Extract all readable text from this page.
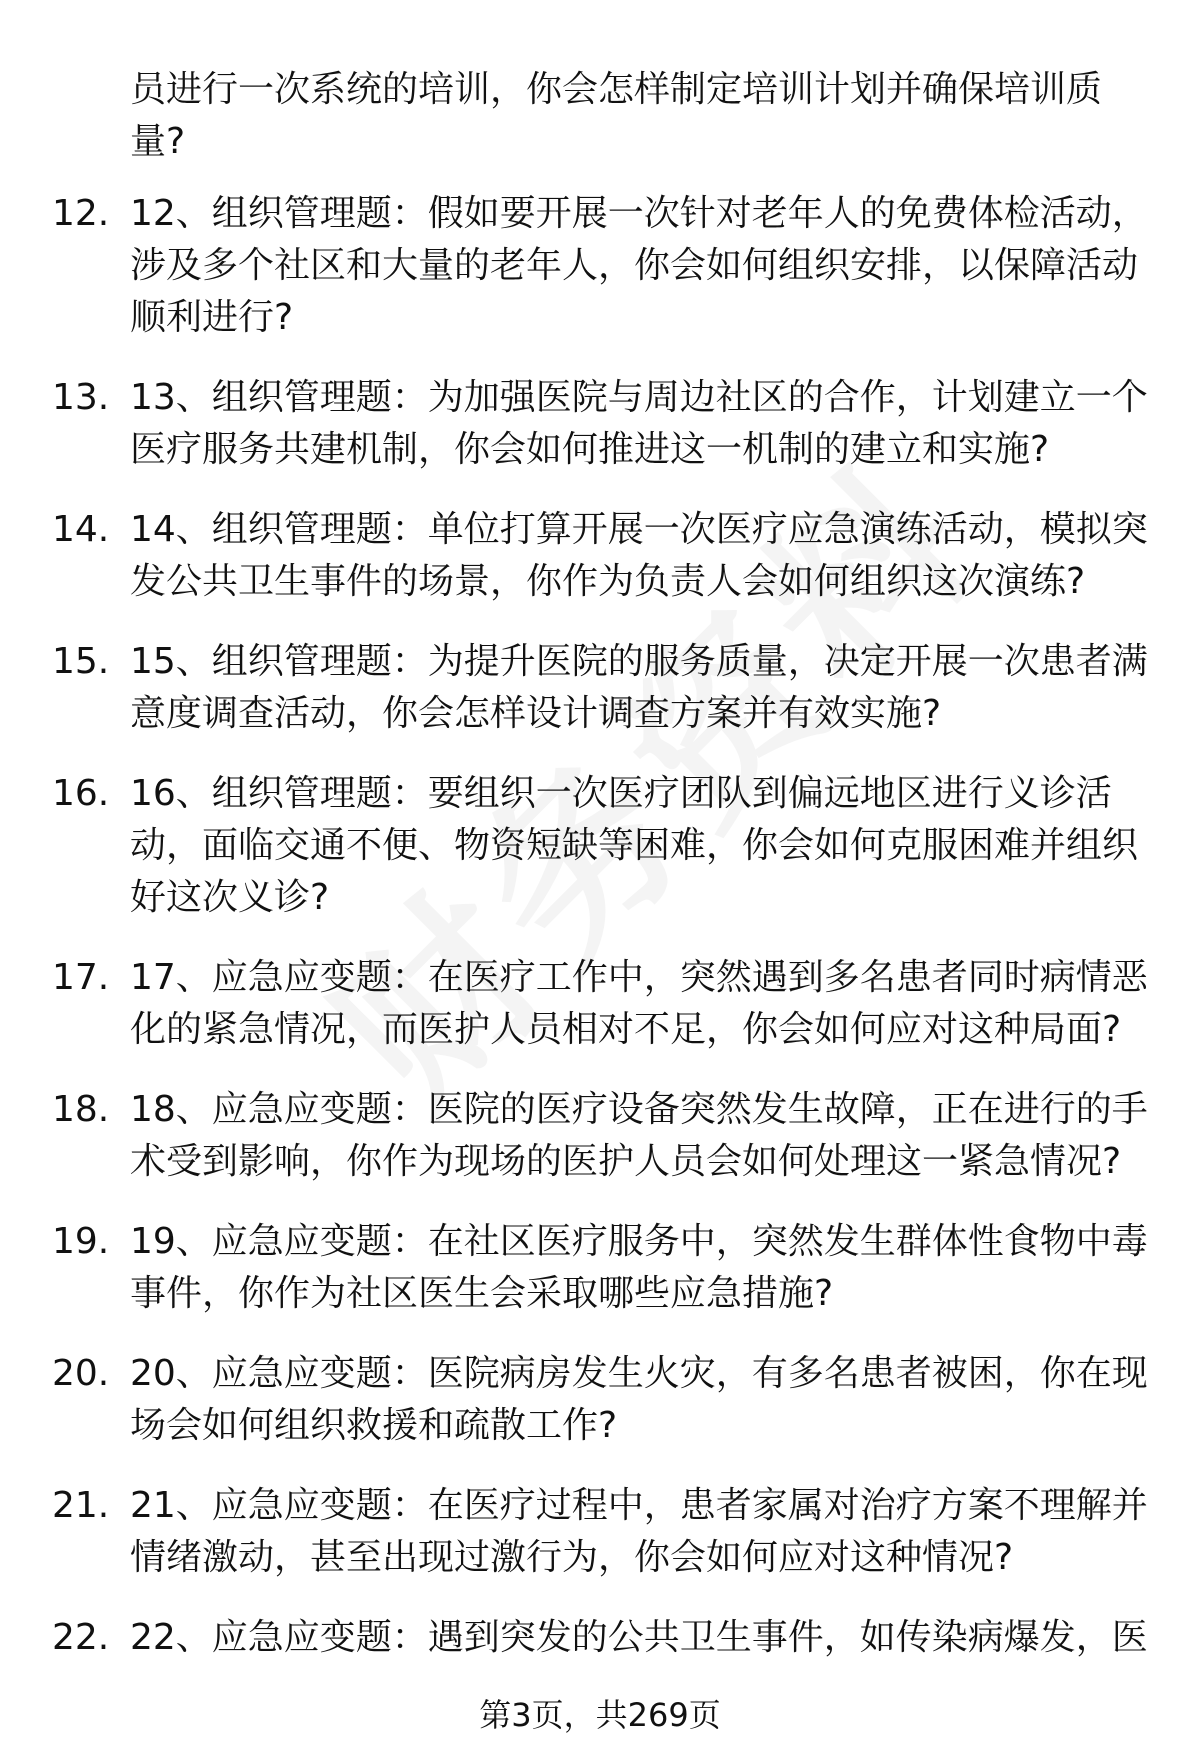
员进行一次系统的培训，你会怎样制定培训计划并确保培训质量?
12. 12、组织管理题：假如要开展一次针对老年人的免费体检活动，涉及多个社区和大量的老年人，你会如何组织安排，以保障活动顺利进行?
13. 13、组织管理题：为加强医院与周边社区的合作，计划建立一个医疗服务共建机制，你会如何推进这一机制的建立和实施?
14. 14、组织管理题：单位打算开展一次医疗应急演练活动，模拟突发公共卫生事件的场景，你作为负责人会如何组织这次演练?
15. 15、组织管理题：为提升医院的服务质量，决定开展一次患者满意度调查活动，你会怎样设计调查方案并有效实施?
16. 16、组织管理题：要组织一次医疗团队到偏远地区进行义诊活动，面临交通不便、物资短缺等困难，你会如何克服困难并组织好这次义诊?
17. 17、应急应变题：在医疗工作中，突然遇到多名患者同时病情恶化的紧急情况，而医护人员相对不足，你会如何应对这种局面?
18. 18、应急应变题：医院的医疗设备突然发生故障，正在进行的手术受到影响，你作为现场的医护人员会如何处理这一紧急情况?
19. 19、应急应变题：在社区医疗服务中，突然发生群体性食物中毒事件，你作为社区医生会采取哪些应急措施?
20. 20、应急应变题：医院病房发生火灾，有多名患者被困，你在现场会如何组织救援和疏散工作?
21. 21、应急应变题：在医疗过程中，患者家属对治疗方案不理解并情绪激动，甚至出现过激行为，你会如何应对这种情况?
22. 22、应急应变题：遇到突发的公共卫生事件，如传染病爆发，医
第3页，共269页
